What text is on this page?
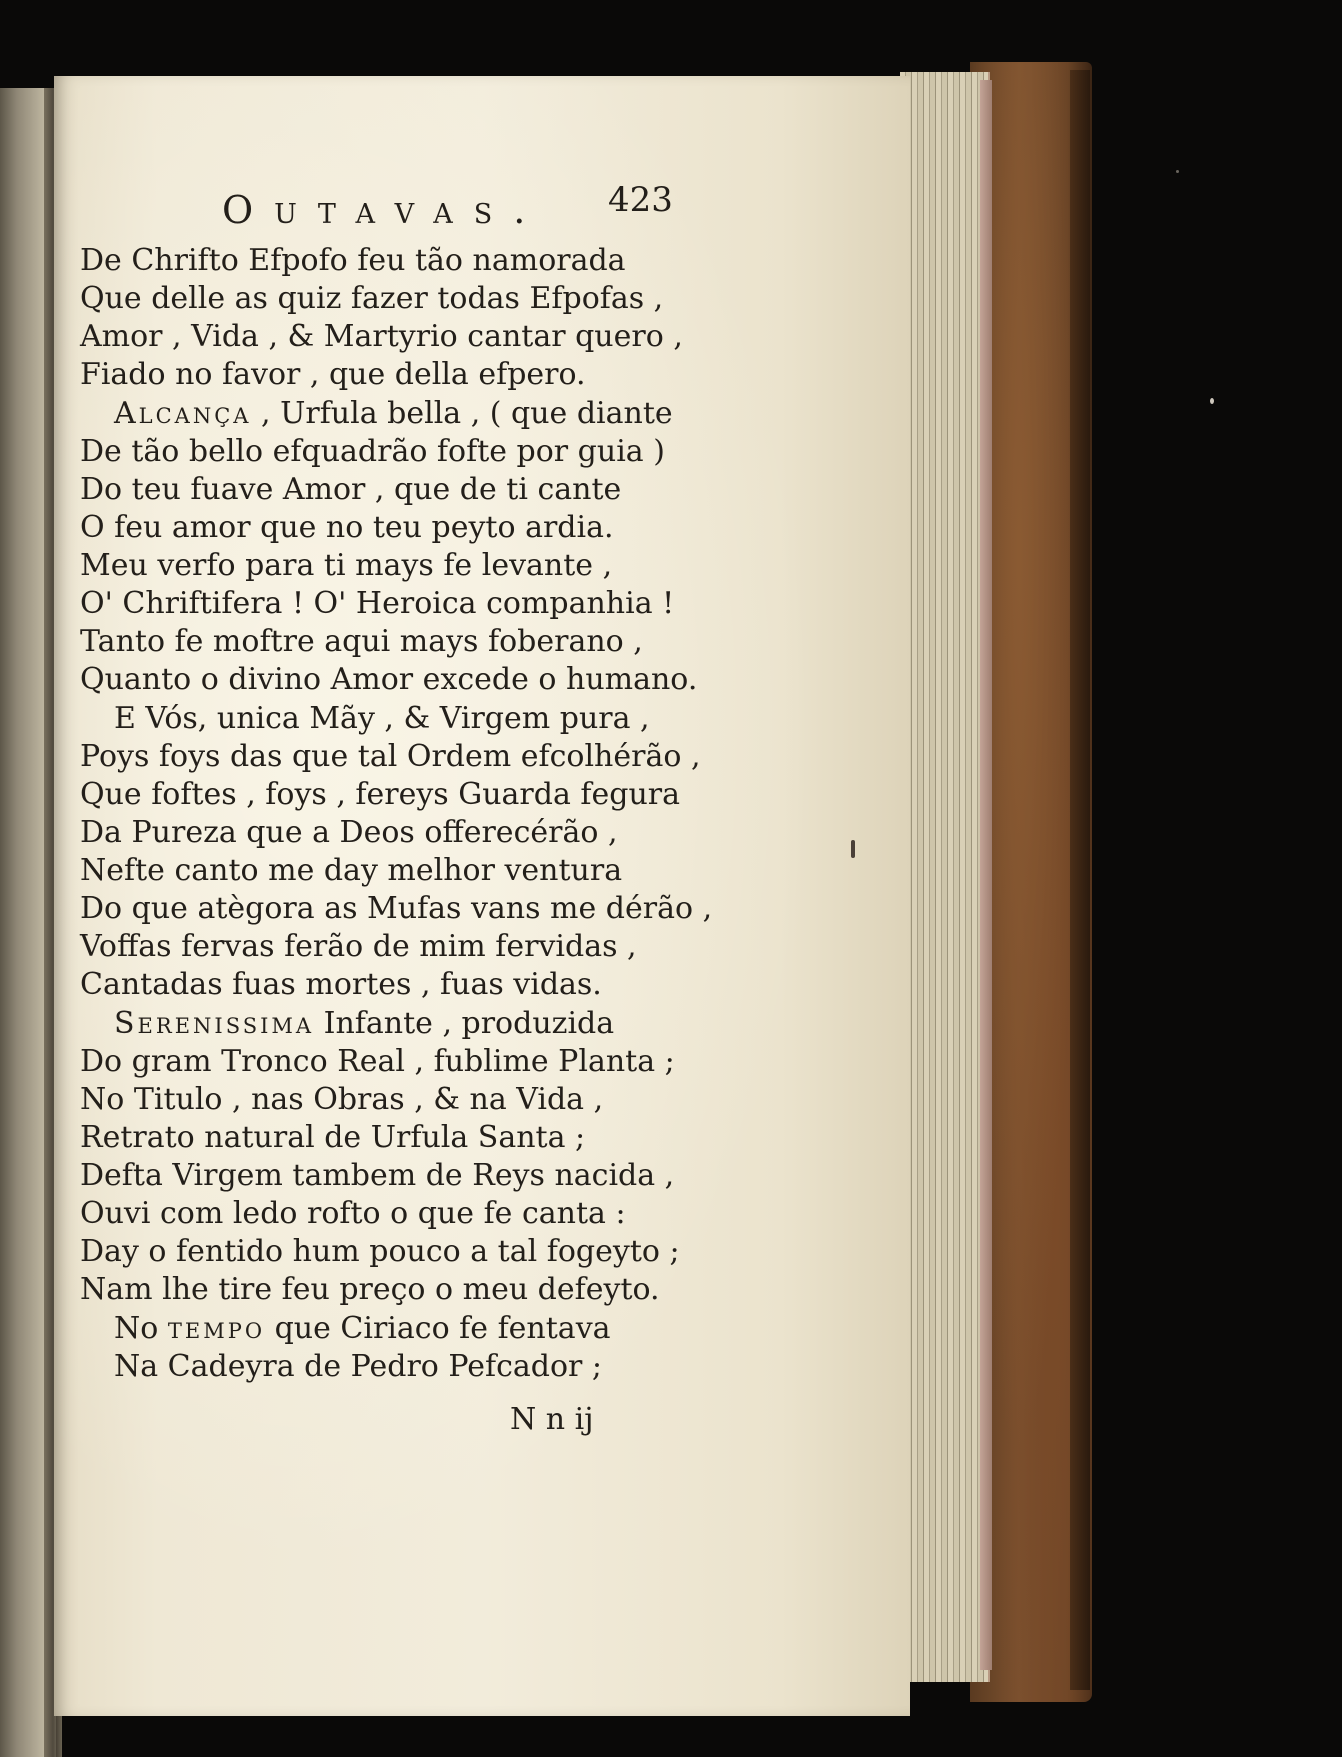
Outavas. 423
De Chrifto Efpofo feu tão namorada
Que delle as quiz fazer todas Efpofas ,
Amor , Vida , & Martyrio cantar quero ,
Fiado no favor , que della efpero.
Alcança , Urfula bella , ( que diante
De tão bello efquadrão fofte por guia )
Do teu fuave Amor , que de ti cante
O feu amor que no teu peyto ardia.
Meu verfo para ti mays fe levante ,
O' Chriftifera ! O' Heroica companhia !
Tanto fe moftre aqui mays foberano ,
Quanto o divino Amor excede o humano.
E Vós, unica Mãy , & Virgem pura ,
Poys foys das que tal Ordem efcolhérão ,
Que foftes , foys , fereys Guarda fegura
Da Pureza que a Deos offerecérão ,
Nefte canto me day melhor ventura
Do que atègora as Mufas vans me dérão ,
Voffas fervas ferão de mim fervidas ,
Cantadas fuas mortes , fuas vidas.
Serenissima Infante , produzida
Do gram Tronco Real , fublime Planta ;
No Titulo , nas Obras , & na Vida ,
Retrato natural de Urfula Santa ;
Defta Virgem tambem de Reys nacida ,
Ouvi com ledo rofto o que fe canta :
Day o fentido hum pouco a tal fogeyto ;
Nam lhe tire feu preço o meu defeyto.
No tempo que Ciriaco fe fentava
Na Cadeyra de Pedro Pefcador ;
N n ij
